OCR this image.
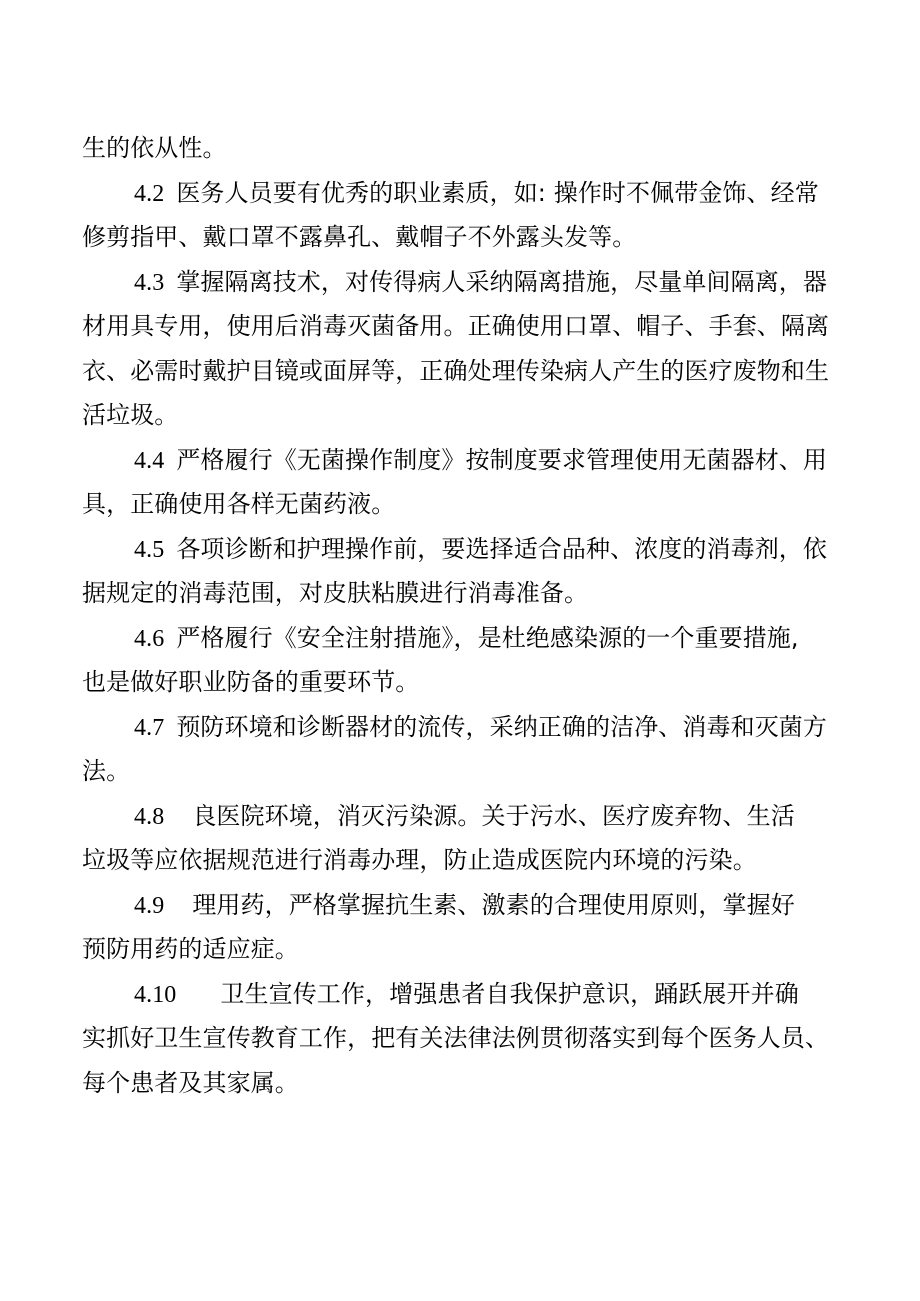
生的依从性。
4.2 医务人员要有优秀的职业素质，如: 操作时不佩带金饰、经常
修剪指甲、戴口罩不露鼻孔、戴帽子不外露头发等。
4.3 掌握隔离技术，对传得病人采纳隔离措施，尽量单间隔离，器
材用具专用，使用后消毒灭菌备用。正确使用口罩、帽子、手套、隔离
衣、必需时戴护目镜或面屏等，正确处理传染病人产生的医疗废物和生
活垃圾。
4.4 严格履行《无菌操作制度》按制度要求管理使用无菌器材、用
具，正确使用各样无菌药液。
4.5 各项诊断和护理操作前，要选择适合品种、浓度的消毒剂，依
据规定的消毒范围，对皮肤粘膜进行消毒准备。
4.6 严格履行《安全注射措施》，是杜绝感染源的一个重要措施,
也是做好职业防备的重要环节。
4.7 预防环境和诊断器材的流传，采纳正确的洁净、消毒和灭菌方
法。
4.8 良医院环境，消灭污染源。关于污水、医疗废弃物、生活
垃圾等应依据规范进行消毒办理，防止造成医院内环境的污染。
4.9 理用药，严格掌握抗生素、激素的合理使用原则，掌握好
预防用药的适应症。
4.10 卫生宣传工作，增强患者自我保护意识，踊跃展开并确
实抓好卫生宣传教育工作，把有关法律法例贯彻落实到每个医务人员、
每个患者及其家属。
